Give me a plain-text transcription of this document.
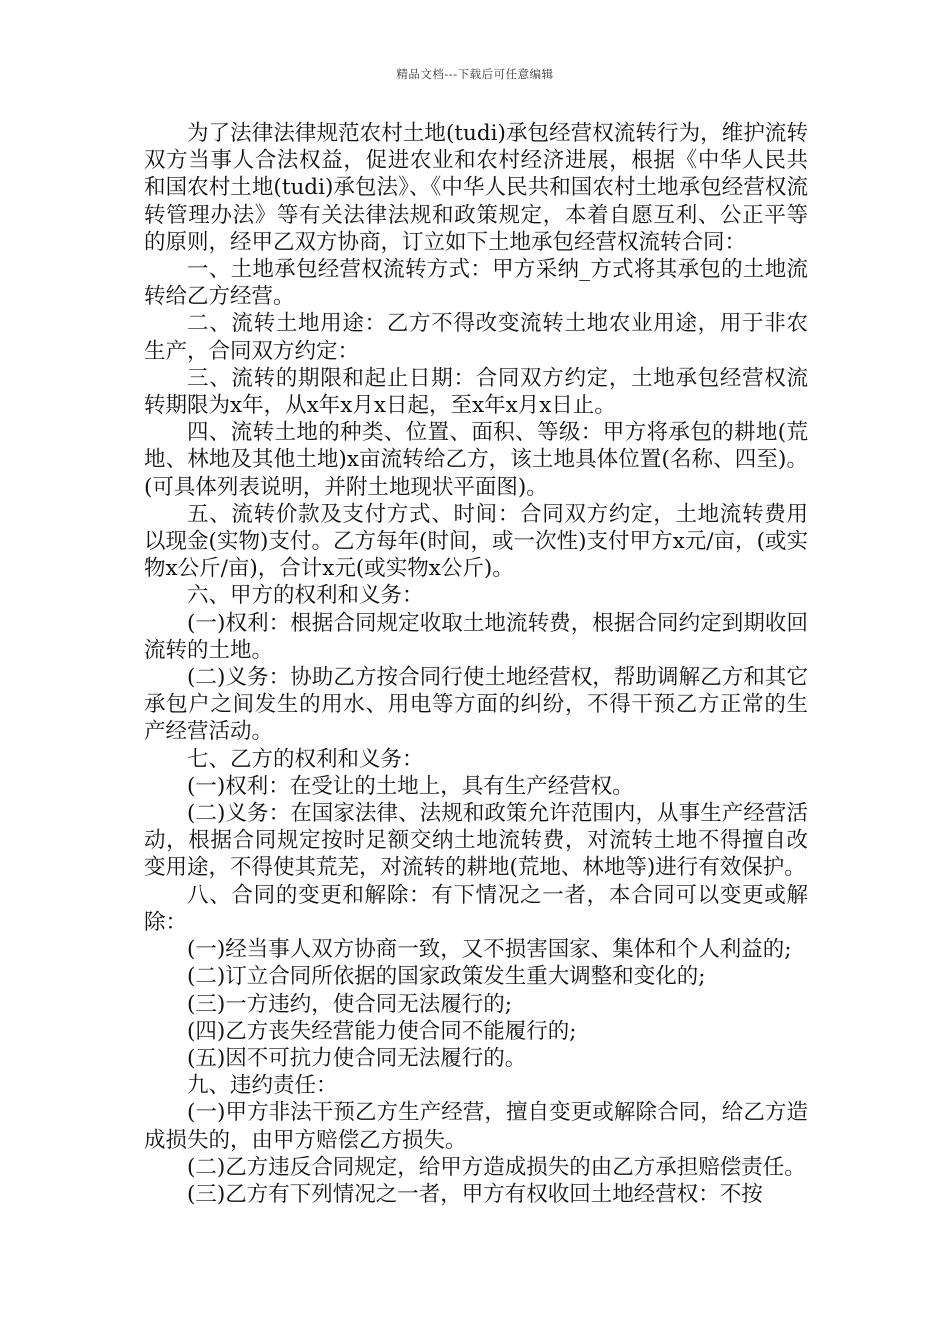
精品文档---下载后可任意编辑

为了法律法律规范农村土地(tudi)承包经营权流转行为，维护流转双方当事人合法权益，促进农业和农村经济进展，根据《中华人民共和国农村土地(tudi)承包法》、《中华人民共和国农村土地承包经营权流转管理办法》等有关法律法规和政策规定，本着自愿互利、公正平等的原则，经甲乙双方协商，订立如下土地承包经营权流转合同：

一、土地承包经营权流转方式：甲方采纳_方式将其承包的土地流转给乙方经营。

二、流转土地用途：乙方不得改变流转土地农业用途，用于非农生产，合同双方约定：

三、流转的期限和起止日期：合同双方约定，土地承包经营权流转期限为x年，从x年x月x日起，至x年x月x日止。

四、流转土地的种类、位置、面积、等级：甲方将承包的耕地(荒地、林地及其他土地)x亩流转给乙方，该土地具体位置(名称、四至)。(可具体列表说明，并附土地现状平面图)。

五、流转价款及支付方式、时间：合同双方约定，土地流转费用以现金(实物)支付。乙方每年(时间，或一次性)支付甲方x元/亩，(或实物x公斤/亩)，合计x元(或实物x公斤)。

六、甲方的权利和义务：

(一)权利：根据合同规定收取土地流转费，根据合同约定到期收回流转的土地。

(二)义务：协助乙方按合同行使土地经营权，帮助调解乙方和其它承包户之间发生的用水、用电等方面的纠纷，不得干预乙方正常的生产经营活动。

七、乙方的权利和义务：

(一)权利：在受让的土地上，具有生产经营权。

(二)义务：在国家法律、法规和政策允许范围内，从事生产经营活动，根据合同规定按时足额交纳土地流转费，对流转土地不得擅自改变用途，不得使其荒芜，对流转的耕地(荒地、林地等)进行有效保护。

八、合同的变更和解除：有下情况之一者，本合同可以变更或解除：

(一)经当事人双方协商一致，又不损害国家、集体和个人利益的;

(二)订立合同所依据的国家政策发生重大调整和变化的;

(三)一方违约，使合同无法履行的;

(四)乙方丧失经营能力使合同不能履行的;

(五)因不可抗力使合同无法履行的。

九、违约责任：

(一)甲方非法干预乙方生产经营，擅自变更或解除合同，给乙方造成损失的，由甲方赔偿乙方损失。

(二)乙方违反合同规定，给甲方造成损失的由乙方承担赔偿责任。

(三)乙方有下列情况之一者，甲方有权收回土地经营权：不按
